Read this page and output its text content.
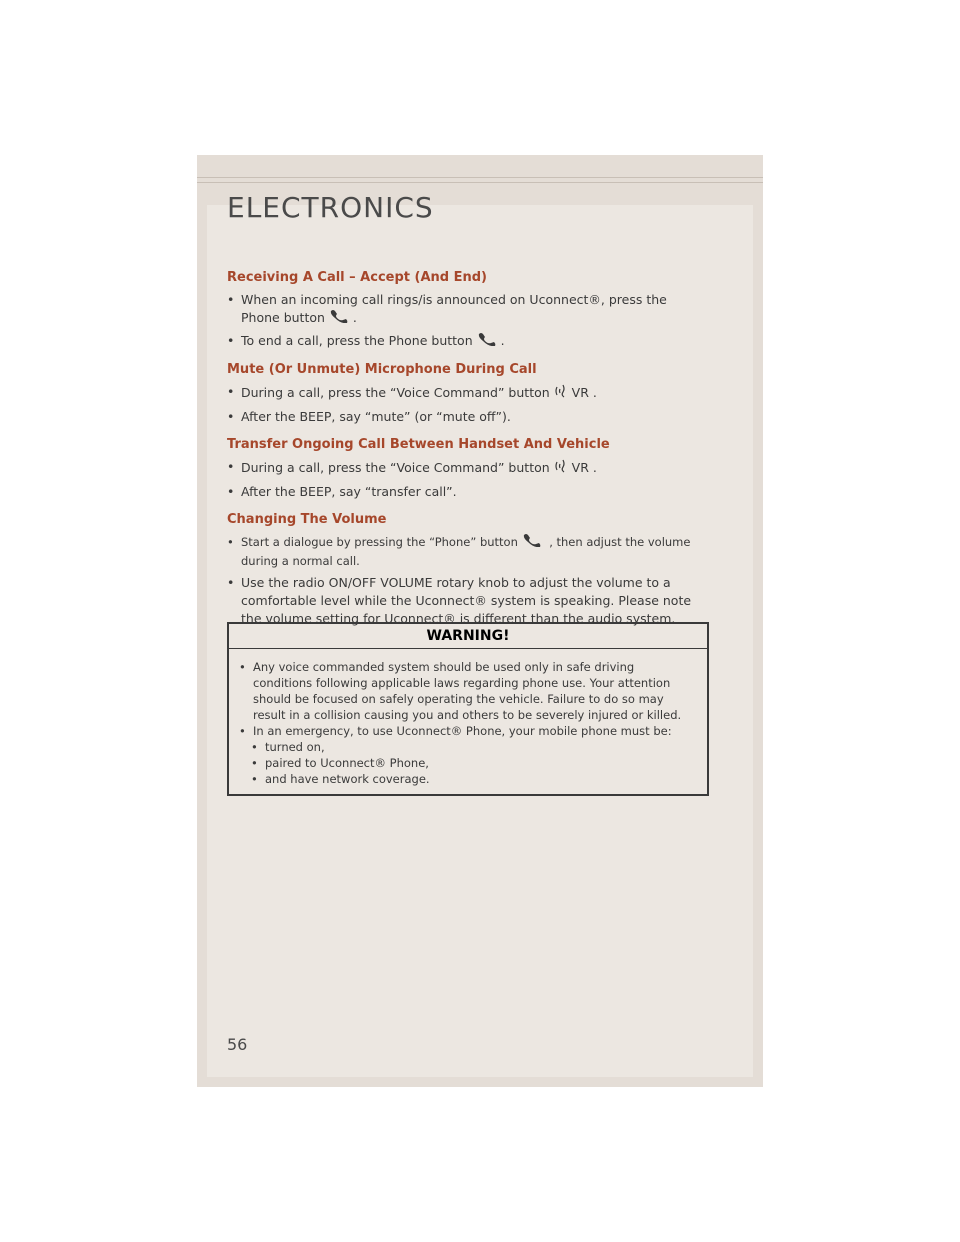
ELECTRONICS
Receiving A Call – Accept (And End)
• When an incoming call rings/is announced on Uconnect®, press the Phone button .
• To end a call, press the Phone button .
Mute (Or Unmute) Microphone During Call
• During a call, press the “Voice Command” button VR .
• After the BEEP, say “mute” (or “mute off”).
Transfer Ongoing Call Between Handset And Vehicle
• During a call, press the “Voice Command” button VR .
• After the BEEP, say “transfer call”.
Changing The Volume
• Start a dialogue by pressing the “Phone” button	, then adjust the volume during a normal call.
• Use the radio ON/OFF VOLUME rotary knob to adjust the volume to a comfortable level while the Uconnect® system is speaking. Please note the volume setting for Uconnect® is different than the audio system.
WARNING!
• Any voice commanded system should be used only in safe driving conditions following applicable laws regarding phone use. Your attention should be focused on safely operating the vehicle. Failure to do so may result in a collision causing you and others to be severely injured or killed.
• In an emergency, to use Uconnect® Phone, your mobile phone must be:
• turned on,
• paired to Uconnect® Phone,
• and have network coverage.
56
